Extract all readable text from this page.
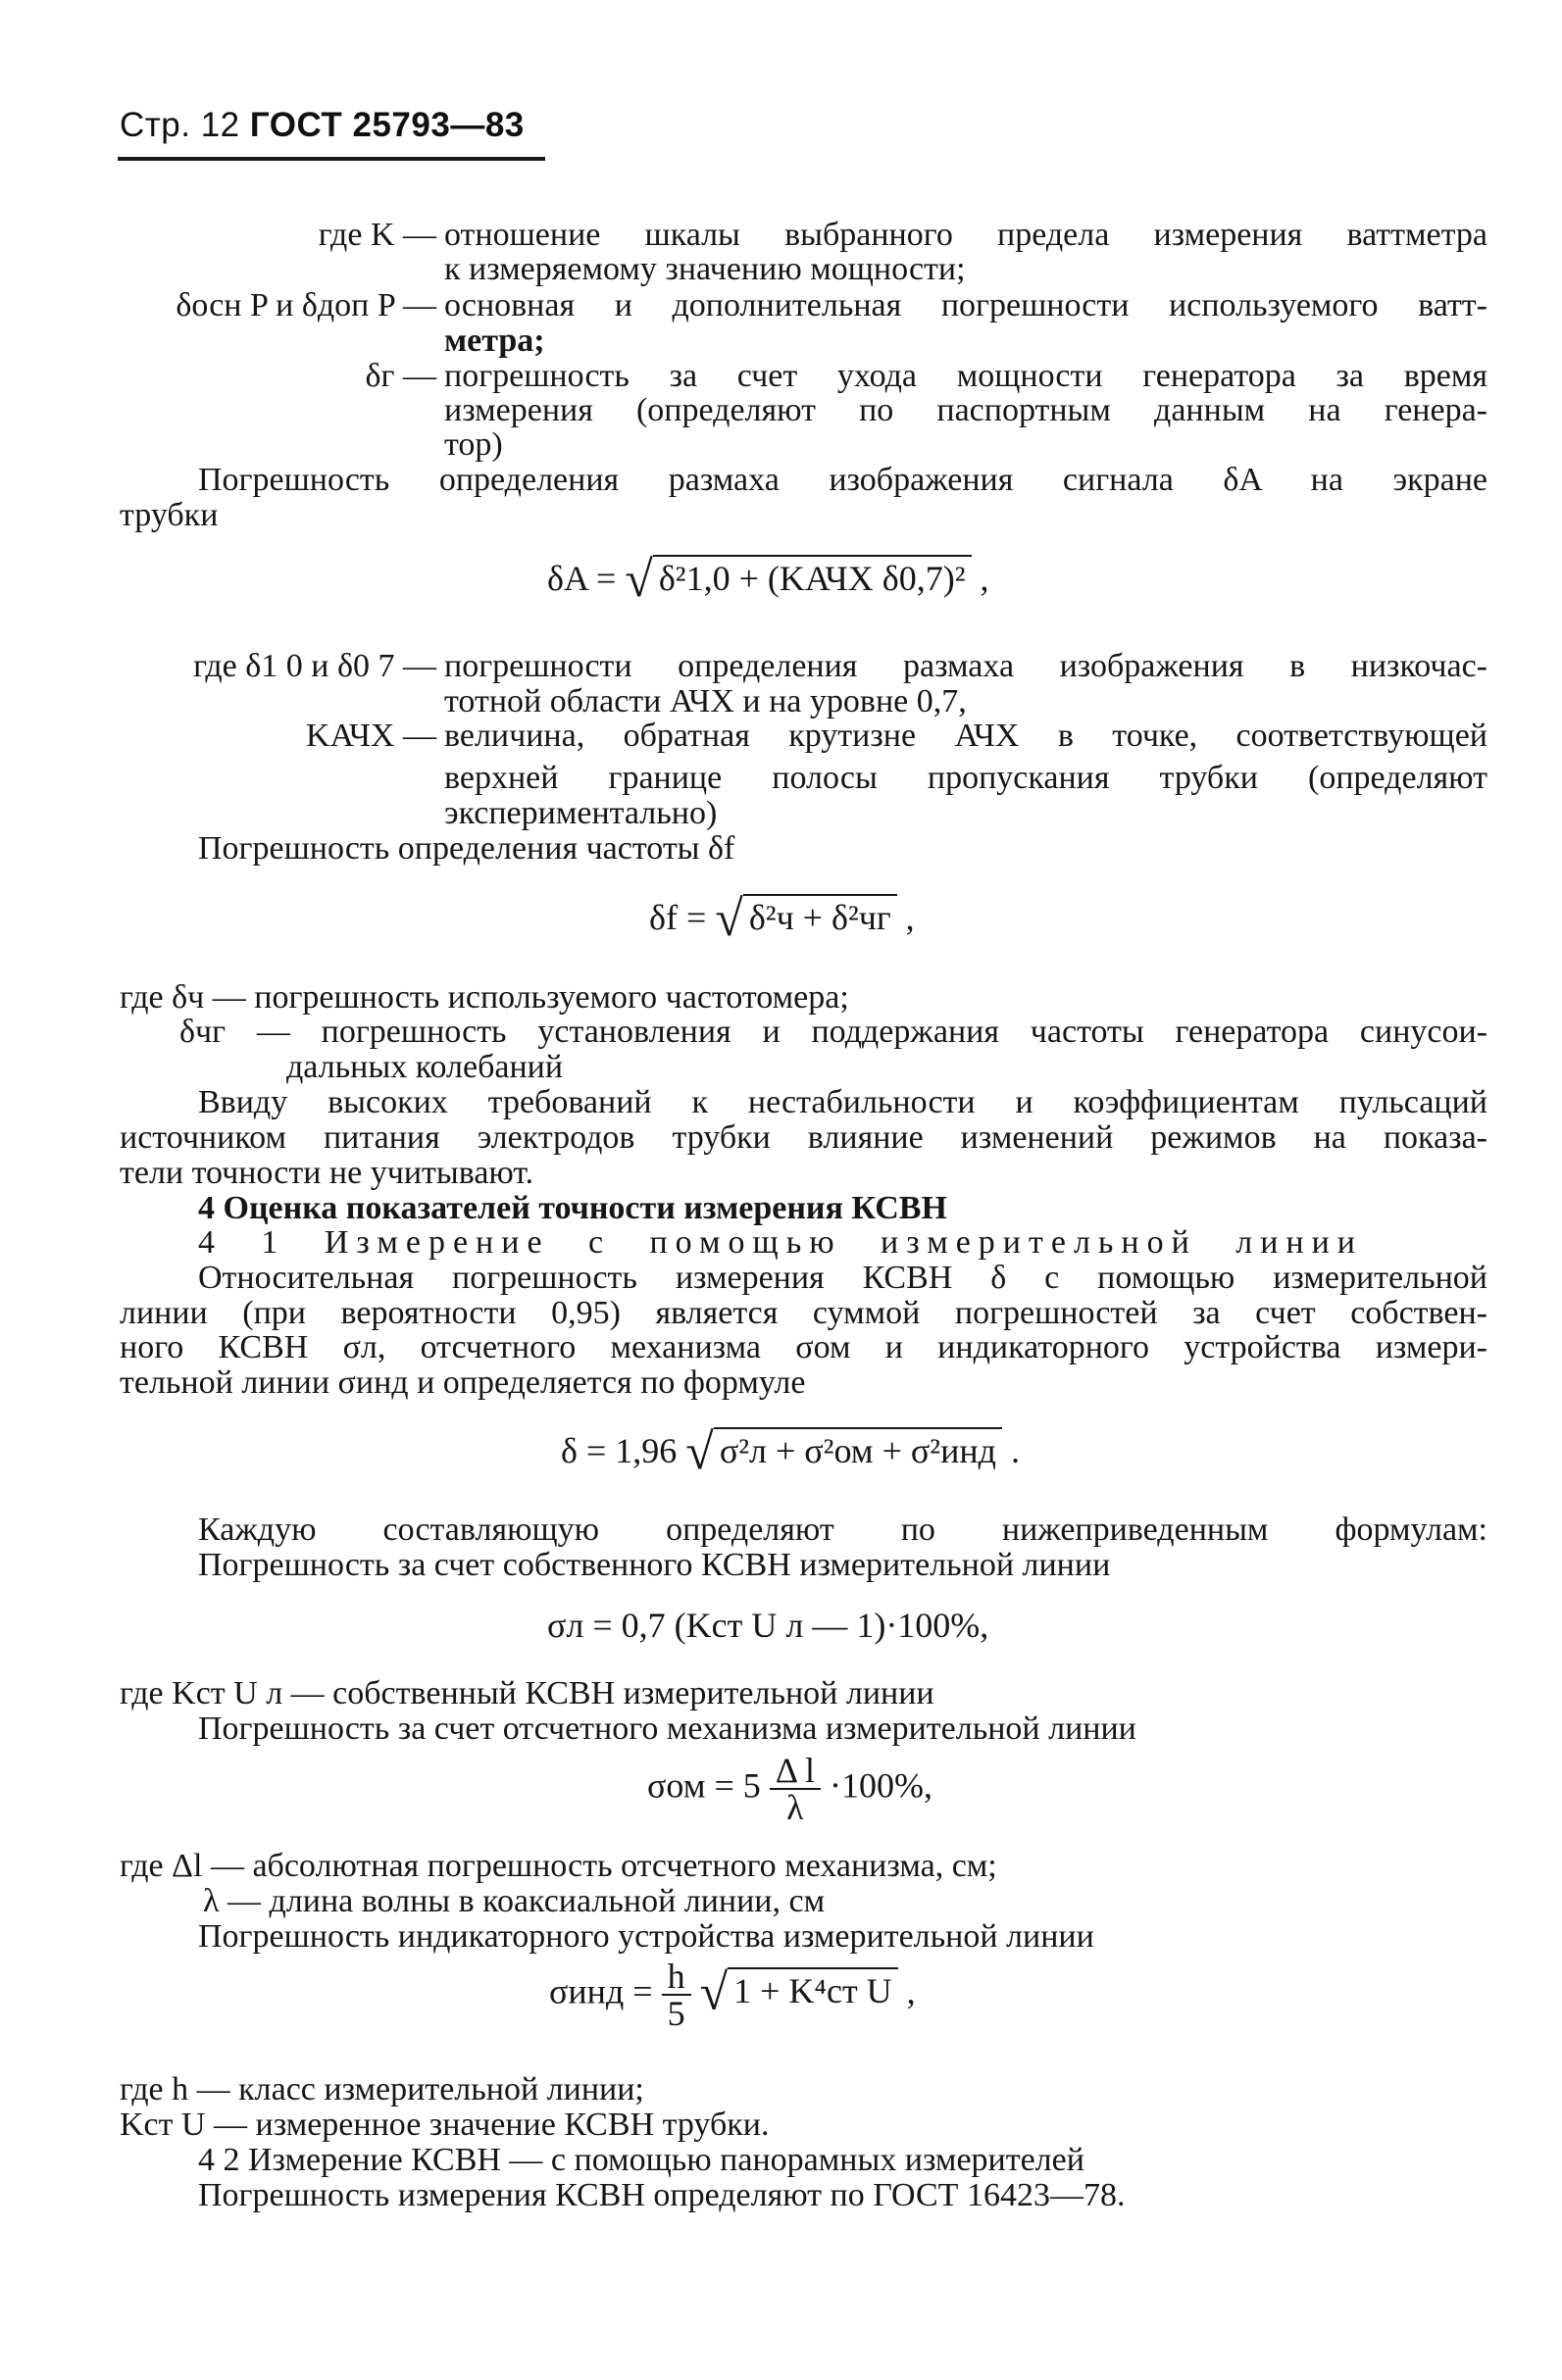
Стр. 12 ГОСТ 25793—83
где K — отношение шкалы выбранного предела измерения ваттметра
к измеряемому значению мощности;
δосн P и δдоп P — основная и дополнительная погрешности используемого ватт-
метра;
δг — погрешность за счет ухода мощности генератора за время
измерения (определяют по паспортным данным на генера-
тор)
Погрешность определения размаха изображения сигнала δA на экране
трубки
δA = √ δ²1,0 + (KАЧХ δ0,7)² ,
где δ1 0 и δ0 7 — погрешности определения размаха изображения в низкочас-
тотной области АЧХ и на уровне 0,7,
KАЧХ — величина, обратная крутизне АЧХ в точке, соответствующей
верхней границе полосы пропускания трубки (определяют
экспериментально)
Погрешность определения частоты δf
δf = √ δ²ч + δ²чг ,
где δч — погрешность используемого частотомера;
δчг — погрешность установления и поддержания частоты генератора синусои-
дальных колебаний
Ввиду высоких требований к нестабильности и коэффициентам пульсаций
источником питания электродов трубки влияние изменений режимов на показа-
тели точности не учитывают.
4 Оценка показателей точности измерения КСВН
4 1 Измерение с помощью измерительной линии
Относительная погрешность измерения КСВН δ с помощью измерительной
линии (при вероятности 0,95) является суммой погрешностей за счет собствен-
ного КСВН σл, отсчетного механизма σом и индикаторного устройства измери-
тельной линии σинд и определяется по формуле
δ = 1,96 √ σ²л + σ²ом + σ²инд .
Каждую составляющую определяют по нижеприведенным формулам:
Погрешность за счет собственного КСВН измерительной линии
σл = 0,7 (Kст U л — 1)·100%,
где Kст U л — собственный КСВН измерительной линии
Погрешность за счет отсчетного механизма измерительной линии
$\sigma ом = 5 \frac{\text{Δ l}}{\lambda} \cdot 100\%$,
где Δl — абсолютная погрешность отсчетного механизма, см;
λ — длина волны в коаксиальной линии, см
Погрешность индикаторного устройства измерительной линии
$\sigma инд = \frac{h}{5}$ √ 1 + K⁴ст U ,
где h — класс измерительной линии;
Kст U — измеренное значение КСВН трубки.
4 2 Измерение КСВН — с помощью панорамных измерителей
Погрешность измерения КСВН определяют по ГОСТ 16423—78.
